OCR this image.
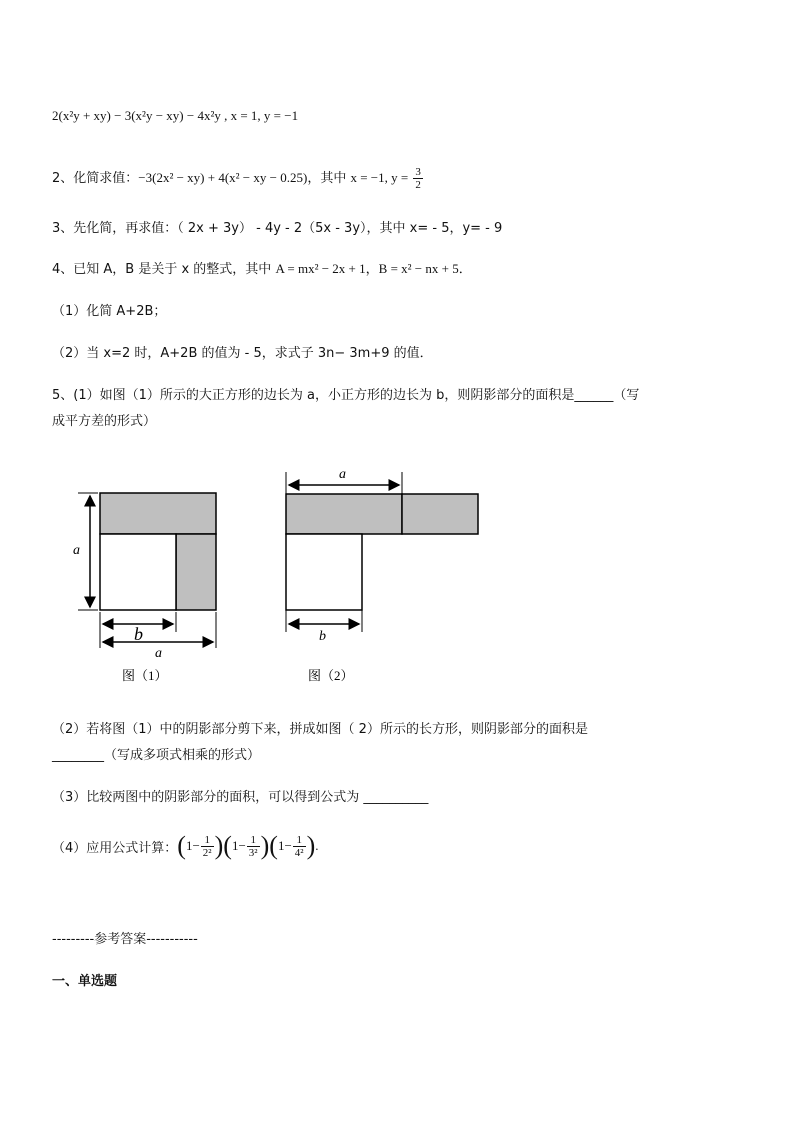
2(x²y + xy) − 3(x²y − xy) − 4x²y , x = 1, y = −1
2、化简求值：−3(2x² − xy) + 4(x² − xy − 0.25)，其中 x = −1, $y = \frac{3}{2}$
3、先化简，再求值：（ 2x + 3y） - 4y - 2（5x - 3y），其中 x= - 5，y= - 9
4、已知 A，B 是关于 x 的整式，其中 A = mx² − 2x + 1，B = x² − nx + 5．
（1）化简 A+2B；
（2）当 x=2 时，A+2B 的值为 - 5，求式子 3n− 3m+9 的值．
5、(1）如图（1）所示的大正方形的边长为 a，小正方形的边长为 b，则阴影部分的面积是______（写
成平方差的形式）
a
b
a
图（1）
a
b
图（2）
（2）若将图（1）中的阴影部分剪下来，拼成如图（ 2）所示的长方形，则阴影部分的面积是
________（写成多项式相乘的形式）
（3）比较两图中的阴影部分的面积，可以得到公式为 __________
（4）应用公式计算： ( $1- \frac{1}{\text{2²}}$ ) ( $1- \frac{1}{\text{3²}}$ ) ( $1- \frac{1}{\text{4²}}$ ) .
---------参考答案-----------
一、单选题
